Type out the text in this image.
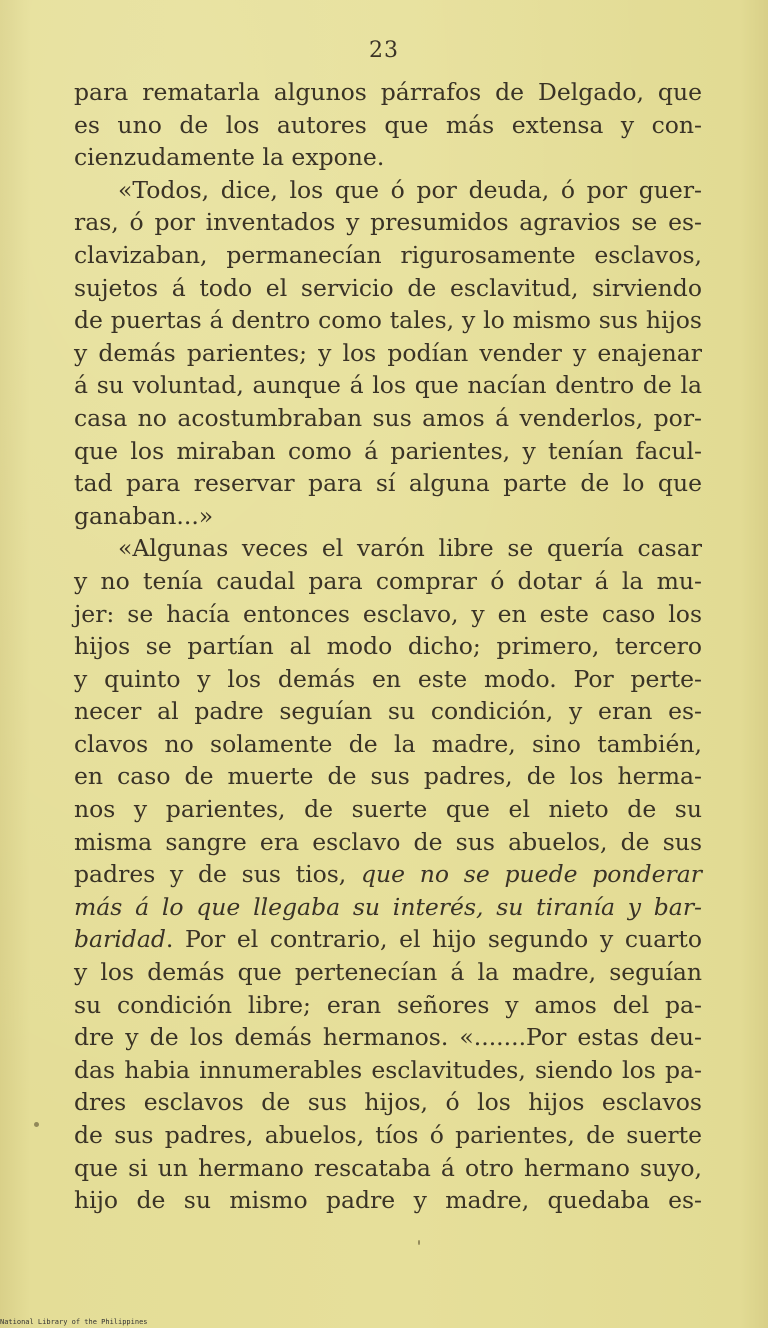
23
para rematarla algunos párrafos de Delgado, que
es uno de los autores que más extensa y con-
cienzudamente la expone.
«Todos, dice, los que ó por deuda, ó por guer-
ras, ó por inventados y presumidos agravios se es-
clavizaban, permanecían rigurosamente esclavos,
sujetos á todo el servicio de esclavitud, sirviendo
de puertas á dentro como tales, y lo mismo sus hijos
y demás parientes; y los podían vender y enajenar
á su voluntad, aunque á los que nacían dentro de la
casa no acostumbraban sus amos á venderlos, por-
que los miraban como á parientes, y tenían facul-
tad para reservar para sí alguna parte de lo que
ganaban...»
«Algunas veces el varón libre se quería casar
y no tenía caudal para comprar ó dotar á la mu-
jer: se hacía entonces esclavo, y en este caso los
hijos se partían al modo dicho; primero, tercero
y quinto y los demás en este modo. Por perte-
necer al padre seguían su condición, y eran es-
clavos no solamente de la madre, sino también,
en caso de muerte de sus padres, de los herma-
nos y parientes, de suerte que el nieto de su
misma sangre era esclavo de sus abuelos, de sus
padres y de sus tios, que no se puede ponderar
más á lo que llegaba su interés, su tiranía y bar-
baridad. Por el contrario, el hijo segundo y cuarto
y los demás que pertenecían á la madre, seguían
su condición libre; eran señores y amos del pa-
dre y de los demás hermanos. «.......Por estas deu-
das habia innumerables esclavitudes, siendo los pa-
dres esclavos de sus hijos, ó los hijos esclavos
de sus padres, abuelos, tíos ó parientes, de suerte
que si un hermano rescataba á otro hermano suyo,
hijo de su mismo padre y madre, quedaba es-
National Library of the Philippines
